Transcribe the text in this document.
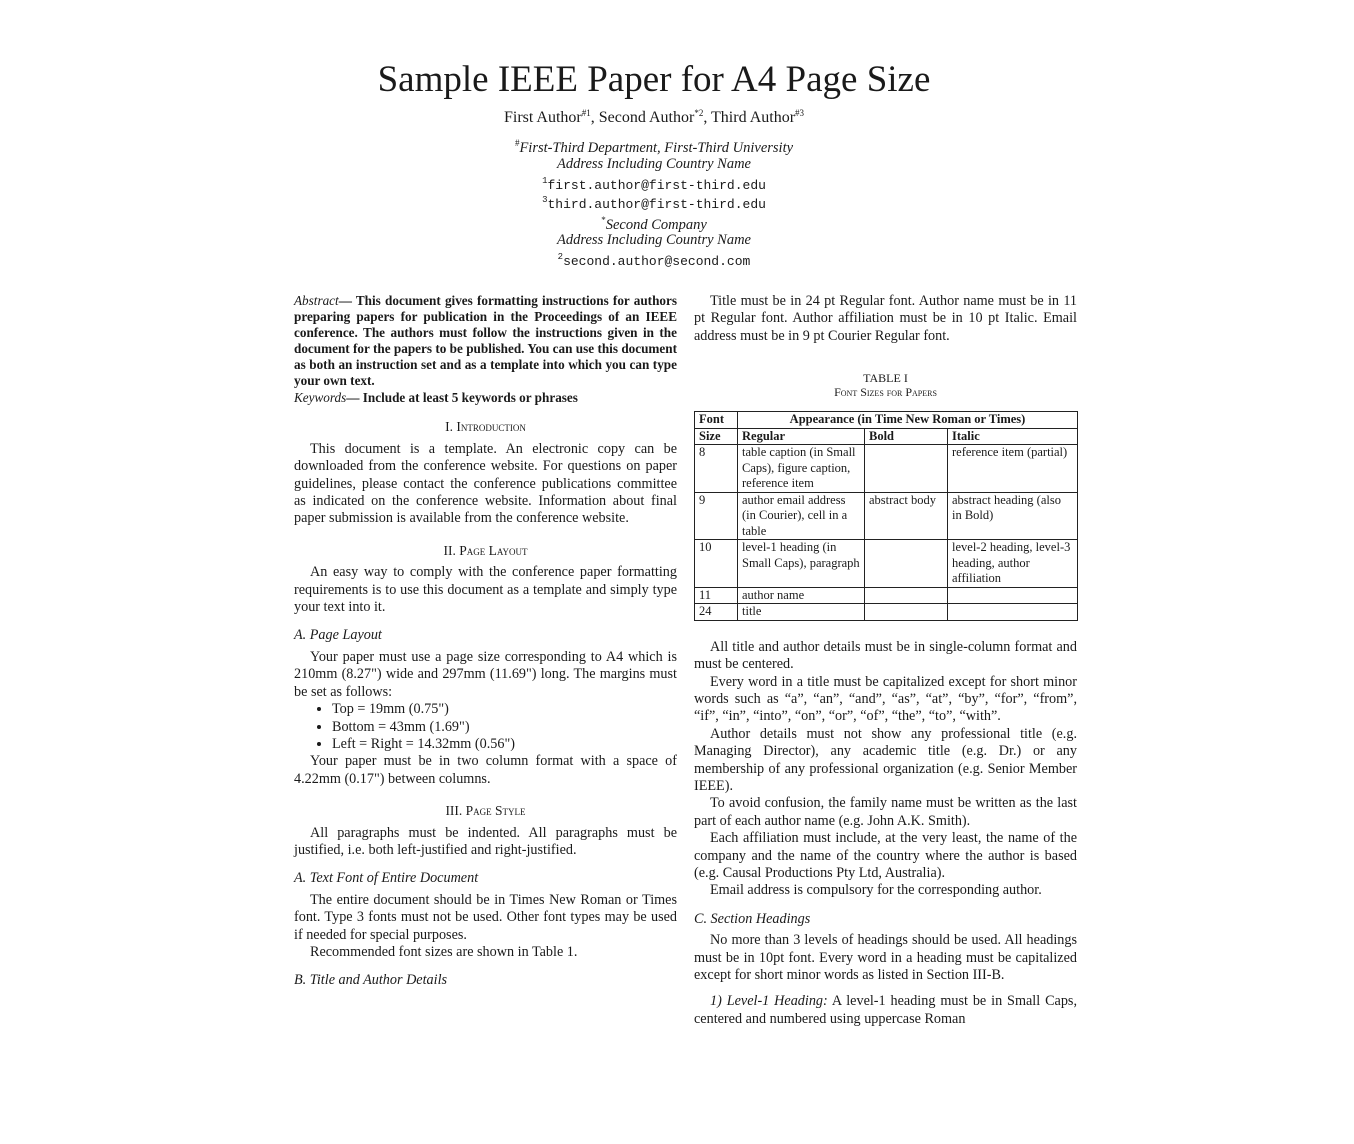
Sample IEEE Paper for A4 Page Size
First Author$^{\#1}$, Second Author$^{*2}$, Third Author$^{\#3}$
#First-Third Department, First-Third University
Address Including Country Name
$^1$first.author@first-third.edu
$^3$third.author@first-third.edu
*Second Company
Address Including Country Name
$^2$second.author@second.com

Abstract— This document gives formatting instructions for authors preparing papers for publication in the Proceedings of an IEEE conference. The authors must follow the instructions given in the document for the papers to be published. You can use this document as both an instruction set and as a template into which you can type your own text.

Keywords— Include at least 5 keywords or phrases

I. Introduction

This document is a template. An electronic copy can be downloaded from the conference website. For questions on paper guidelines, please contact the conference publications committee as indicated on the conference website. Information about final paper submission is available from the conference website.

II. Page Layout

An easy way to comply with the conference paper formatting requirements is to use this document as a template and simply type your text into it.

A. Page Layout

Your paper must use a page size corresponding to A4 which is 210mm (8.27") wide and 297mm (11.69") long. The margins must be set as follows:

• Top = 19mm (0.75")
• Bottom = 43mm (1.69")
• Left = Right = 14.32mm (0.56")

Your paper must be in two column format with a space of 4.22mm (0.17") between columns.

III. Page Style

All paragraphs must be indented. All paragraphs must be justified, i.e. both left-justified and right-justified.

A. Text Font of Entire Document

The entire document should be in Times New Roman or Times font. Type 3 fonts must not be used. Other font types may be used if needed for special purposes.

Recommended font sizes are shown in Table 1.

B. Title and Author Details

Title must be in 24 pt Regular font. Author name must be in 11 pt Regular font. Author affiliation must be in 10 pt Italic. Email address must be in 9 pt Courier Regular font.

TABLE I
Font Sizes for Papers
Font	Appearance (in Time New Roman or Times)		
Size	Regular	Bold	Italic
8	table caption (in Small Caps), figure caption, reference item		reference item (partial)
9	author email address (in Courier), cell in a table	abstract body	abstract heading (also in Bold)
10	level-1 heading (in Small Caps), paragraph		level-2 heading, level-3 heading, author affiliation
11	author name		
24	title		

All title and author details must be in single-column format and must be centered.

Every word in a title must be capitalized except for short minor words such as “a”, “an”, “and”, “as”, “at”, “by”, “for”, “from”, “if”, “in”, “into”, “on”, “or”, “of”, “the”, “to”, “with”.

Author details must not show any professional title (e.g. Managing Director), any academic title (e.g. Dr.) or any membership of any professional organization (e.g. Senior Member IEEE).

To avoid confusion, the family name must be written as the last part of each author name (e.g. John A.K. Smith).

Each affiliation must include, at the very least, the name of the company and the name of the country where the author is based (e.g. Causal Productions Pty Ltd, Australia).

Email address is compulsory for the corresponding author.

C. Section Headings

No more than 3 levels of headings should be used. All headings must be in 10pt font. Every word in a heading must be capitalized except for short minor words as listed in Section III-B.

1) Level-1 Heading: A level-1 heading must be in Small Caps, centered and numbered using uppercase Roman
